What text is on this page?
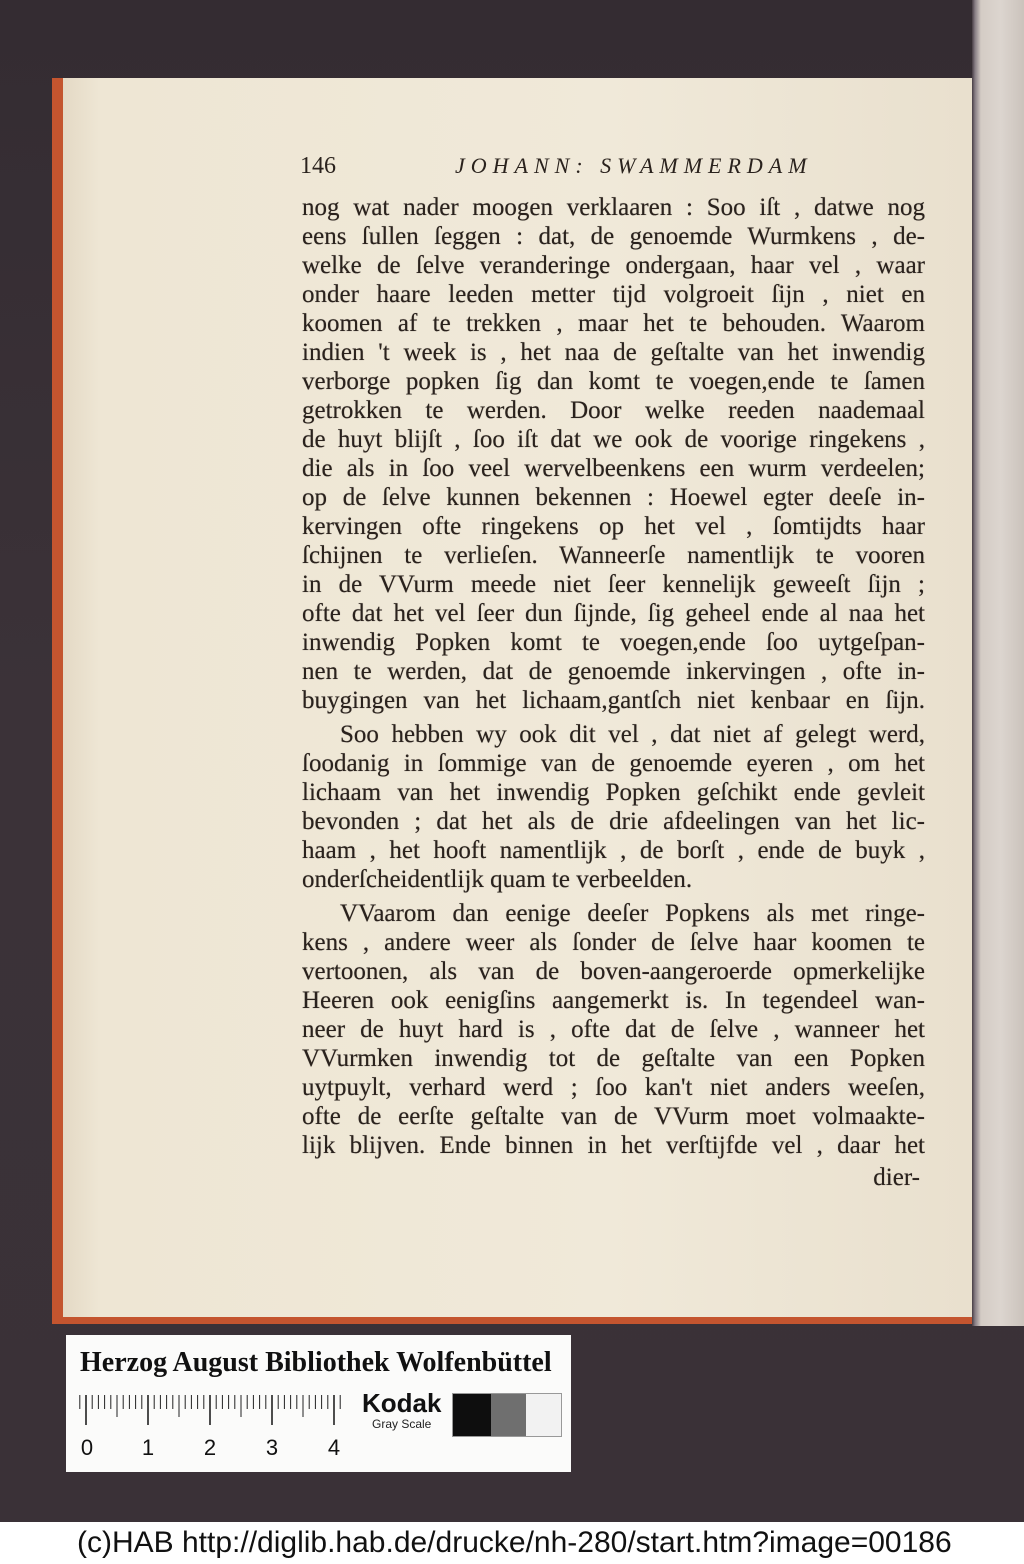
146	JOHANN: SWAMMERDAM
nog wat nader moogen verklaaren : Soo iſt , datwe nog
eens ſullen ſeggen : dat, de genoemde Wurmkens , de-
welke de ſelve veranderinge ondergaan, haar vel , waar
onder haare leeden metter tijd volgroeit ſijn , niet en
koomen af te trekken , maar het te behouden. Waarom
indien 't week is , het naa de geſtalte van het inwendig
verborge popken ſig dan komt te voegen,ende te ſamen
getrokken te werden. Door welke reeden naademaal
de huyt blijſt , ſoo iſt dat we ook de voorige ringekens ,
die als in ſoo veel wervelbeenkens een wurm verdeelen;
op de ſelve kunnen bekennen : Hoewel egter deeſe in-
kervingen ofte ringekens op het vel , ſomtijdts haar
ſchijnen te verlieſen. Wanneerſe namentlijk te vooren
in de VVurm meede niet ſeer kennelijk geweeſt ſijn ;
ofte dat het vel ſeer dun ſijnde, ſig geheel ende al naa het
inwendig Popken komt te voegen,ende ſoo uytgeſpan-
nen te werden, dat de genoemde inkervingen , ofte in-
buygingen van het lichaam,gantſch niet kenbaar en ſijn.
Soo hebben wy ook dit vel , dat niet af gelegt werd,
ſoodanig in ſommige van de genoemde eyeren , om het
lichaam van het inwendig Popken geſchikt ende gevleit
bevonden ; dat het als de drie afdeelingen van het lic-
haam , het hooft namentlijk , de borſt , ende de buyk ,
onderſcheidentlijk quam te verbeelden.
VVaarom dan eenige deeſer Popkens als met ringe-
kens , andere weer als ſonder de ſelve haar koomen te
vertoonen, als van de boven-aangeroerde opmerkelijke
Heeren ook eenigſins aangemerkt is. In tegendeel wan-
neer de huyt hard is , ofte dat de ſelve , wanneer het
VVurmken inwendig tot de geſtalte van een Popken
uytpuylt, verhard werd ; ſoo kan't niet anders weeſen,
ofte de eerſte geſtalte van de VVurm moet volmaakte-
lijk blijven. Ende binnen in het verſtijfde vel , daar het
dier-
Herzog August Bibliothek Wolfenbüttel
0 1 2 3 4
Kodak
Gray Scale
(c)HAB http://diglib.hab.de/drucke/nh-280/start.htm?image=00186
